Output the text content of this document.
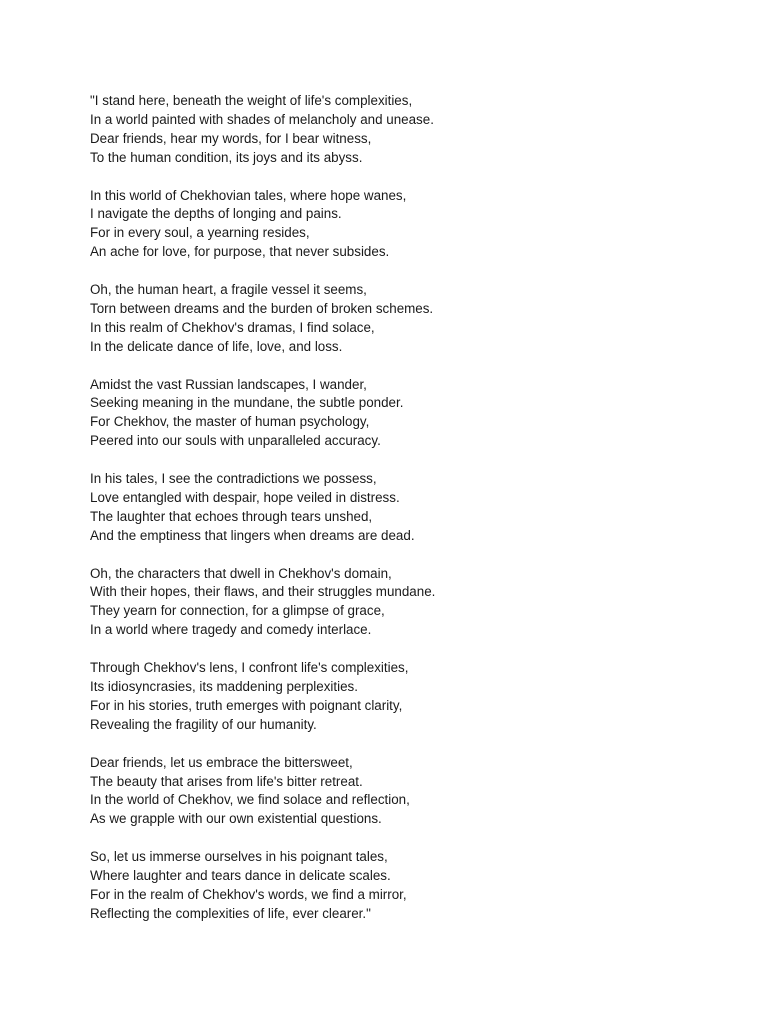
"I stand here, beneath the weight of life's complexities,
In a world painted with shades of melancholy and unease.
Dear friends, hear my words, for I bear witness,
To the human condition, its joys and its abyss.
In this world of Chekhovian tales, where hope wanes,
I navigate the depths of longing and pains.
For in every soul, a yearning resides,
An ache for love, for purpose, that never subsides.
Oh, the human heart, a fragile vessel it seems,
Torn between dreams and the burden of broken schemes.
In this realm of Chekhov's dramas, I find solace,
In the delicate dance of life, love, and loss.
Amidst the vast Russian landscapes, I wander,
Seeking meaning in the mundane, the subtle ponder.
For Chekhov, the master of human psychology,
Peered into our souls with unparalleled accuracy.
In his tales, I see the contradictions we possess,
Love entangled with despair, hope veiled in distress.
The laughter that echoes through tears unshed,
And the emptiness that lingers when dreams are dead.
Oh, the characters that dwell in Chekhov's domain,
With their hopes, their flaws, and their struggles mundane.
They yearn for connection, for a glimpse of grace,
In a world where tragedy and comedy interlace.
Through Chekhov's lens, I confront life's complexities,
Its idiosyncrasies, its maddening perplexities.
For in his stories, truth emerges with poignant clarity,
Revealing the fragility of our humanity.
Dear friends, let us embrace the bittersweet,
The beauty that arises from life's bitter retreat.
In the world of Chekhov, we find solace and reflection,
As we grapple with our own existential questions.
So, let us immerse ourselves in his poignant tales,
Where laughter and tears dance in delicate scales.
For in the realm of Chekhov's words, we find a mirror,
Reflecting the complexities of life, ever clearer."
